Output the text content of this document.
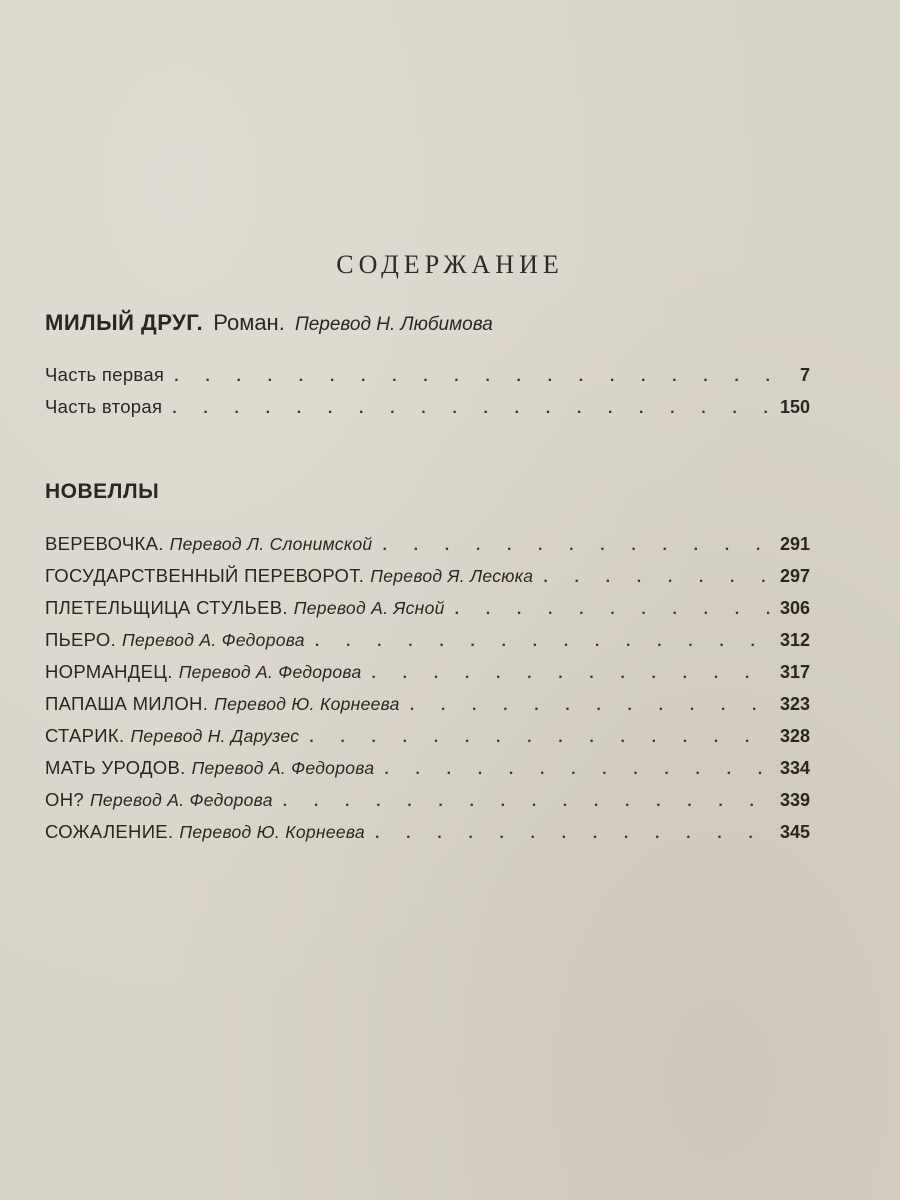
СОДЕРЖАНИЕ
МИЛЫЙ ДРУГ. Роман. Перевод Н. Любимова
Часть первая .	7
Часть вторая .	150
НОВЕЛЛЫ
ВЕРЕВОЧКА. Перевод Л. Слонимской .	291
ГОСУДАРСТВЕННЫЙ ПЕРЕВОРОТ. Перевод Я. Лесюка .	297
ПЛЕТЕЛЬЩИЦА СТУЛЬЕВ. Перевод А. Ясной .	306
ПЬЕРО. Перевод А. Федорова .	312
НОРМАНДЕЦ. Перевод А. Федорова .	317
ПАПАША МИЛОН. Перевод Ю. Корнеева .	323
СТАРИК. Перевод Н. Дарузес .	328
МАТЬ УРОДОВ. Перевод А. Федорова .	334
ОН? Перевод А. Федорова .	339
СОЖАЛЕНИЕ. Перевод Ю. Корнеева .	345
